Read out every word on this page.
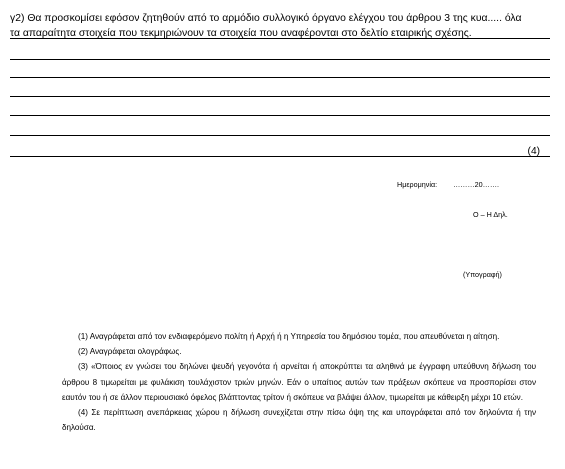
γ2) Θα προσκομίσει εφόσον ζητηθούν από το αρμόδιο συλλογικό όργανο ελέγχου του άρθρου 3 της κυα..... όλα
τα απαραίτητα στοιχεία που τεκμηριώνουν τα στοιχεία που αναφέρονται στο δελτίο εταιρικής σχέσης.
(4)
Ημερομηνία: ………20…….
Ο – Η Δηλ.
(Υπογραφή)

(1) Αναγράφεται από τον ενδιαφερόμενο πολίτη ή Αρχή ή η Υπηρεσία του δημόσιου τομέα, που απευθύνεται η αίτηση.

(2) Αναγράφεται ολογράφως.

(3) «Όποιος εν γνώσει του δηλώνει ψευδή γεγονότα ή αρνείται ή αποκρύπτει τα αληθινά με έγγραφη υπεύθυνη δήλωση του άρθρου 8 τιμωρείται με φυλάκιση τουλάχιστον τριών μηνών. Εάν ο υπαίτιος αυτών των πράξεων σκόπευε να προσπορίσει στον εαυτόν του ή σε άλλον περιουσιακό όφελος βλάπτοντας τρίτον ή σκόπευε να βλάψει άλλον, τιμωρείται με κάθειρξη μέχρι 10 ετών.

(4) Σε περίπτωση ανεπάρκειας χώρου η δήλωση συνεχίζεται στην πίσω όψη της και υπογράφεται από τον δηλούντα ή την δηλούσα.
